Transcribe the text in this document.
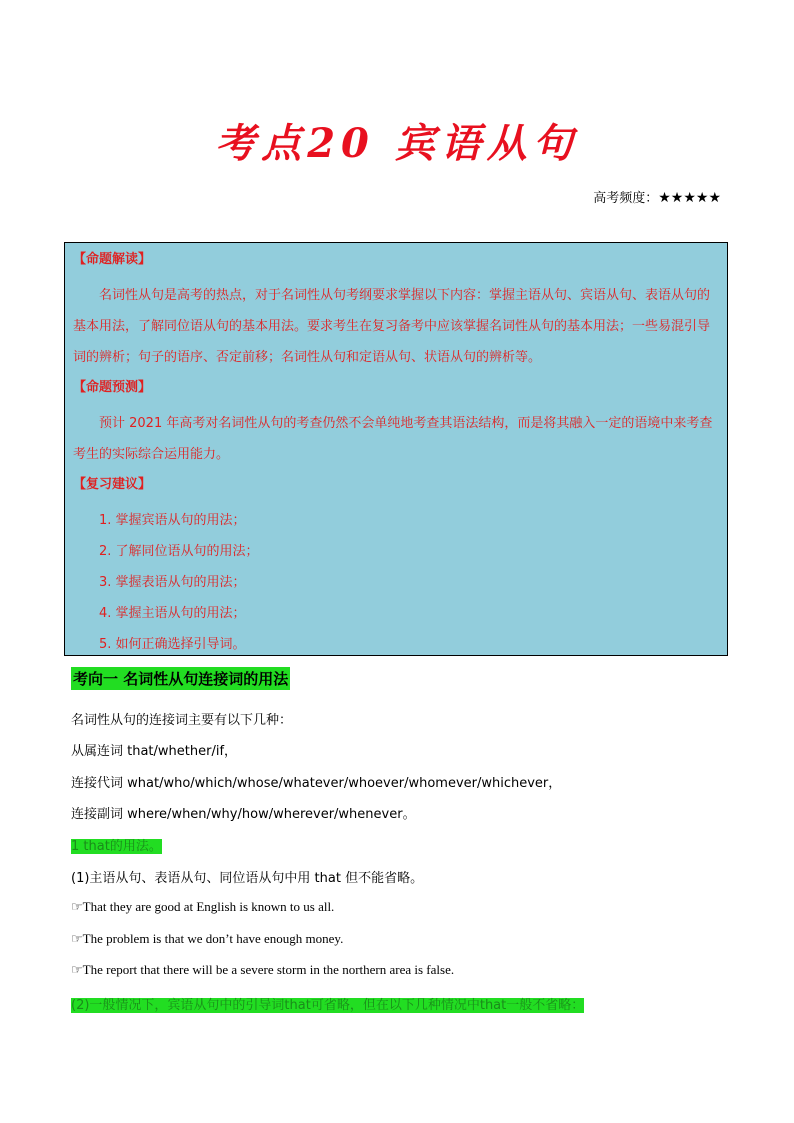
考点20 宾语从句
高考频度：★★★★★
【命题解读】
名词性从句是高考的热点，对于名词性从句考纲要求掌握以下内容：掌握主语从句、宾语从句、表语从句的基本用法，了解同位语从句的基本用法。要求考生在复习备考中应该掌握名词性从句的基本用法；一些易混引导词的辨析；句子的语序、否定前移；名词性从句和定语从句、状语从句的辨析等。
【命题预测】
预计 2021 年高考对名词性从句的考查仍然不会单纯地考查其语法结构，而是将其融入一定的语境中来考查考生的实际综合运用能力。
【复习建议】
1. 掌握宾语从句的用法；
2. 了解同位语从句的用法；
3. 掌握表语从句的用法；
4. 掌握主语从句的用法；
5. 如何正确选择引导词。
考向一 名词性从句连接词的用法
名词性从句的连接词主要有以下几种：
从属连词 that/whether/if，
连接代词 what/who/which/whose/whatever/whoever/whomever/whichever，
连接副词 where/when/why/how/wherever/whenever。
1 that的用法。
(1)主语从句、表语从句、同位语从句中用 that 但不能省略。
☞That they are good at English is known to us all.
☞The problem is that we don’t have enough money.
☞The report that there will be a severe storm in the northern area is false.
(2)一般情况下，宾语从句中的引导词that可省略，但在以下几种情况中that一般不省略：
